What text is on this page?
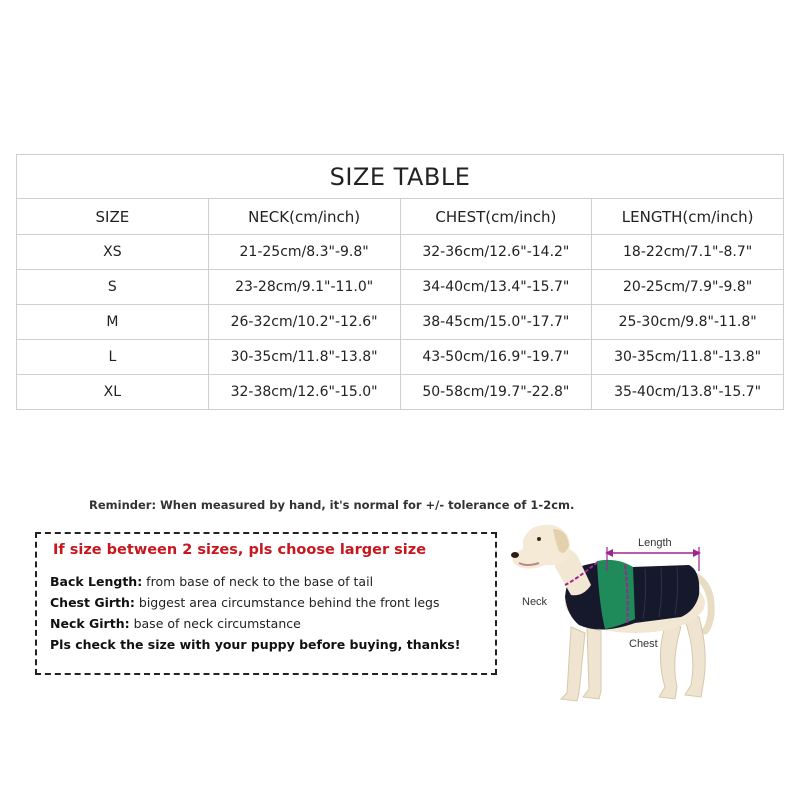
SIZE TABLE			
SIZE	NECK(cm/inch)	CHEST(cm/inch)	LENGTH(cm/inch)
XS	21-25cm/8.3"-9.8"	32-36cm/12.6"-14.2"	18-22cm/7.1"-8.7"
S	23-28cm/9.1"-11.0"	34-40cm/13.4"-15.7"	20-25cm/7.9"-9.8"
M	26-32cm/10.2"-12.6"	38-45cm/15.0"-17.7"	25-30cm/9.8"-11.8"
L	30-35cm/11.8"-13.8"	43-50cm/16.9"-19.7"	30-35cm/11.8"-13.8"
XL	32-38cm/12.6"-15.0"	50-58cm/19.7"-22.8"	35-40cm/13.8"-15.7"
Reminder: When measured by hand, it's normal for +/- tolerance of 1-2cm.
If size between 2 sizes, pls choose larger size
Back Length: from base of neck to the base of tail
Chest Girth: biggest area circumstance behind the front legs
Neck Girth: base of neck circumstance
Pls check the size with your puppy before buying, thanks!
Length
Neck
Chest
